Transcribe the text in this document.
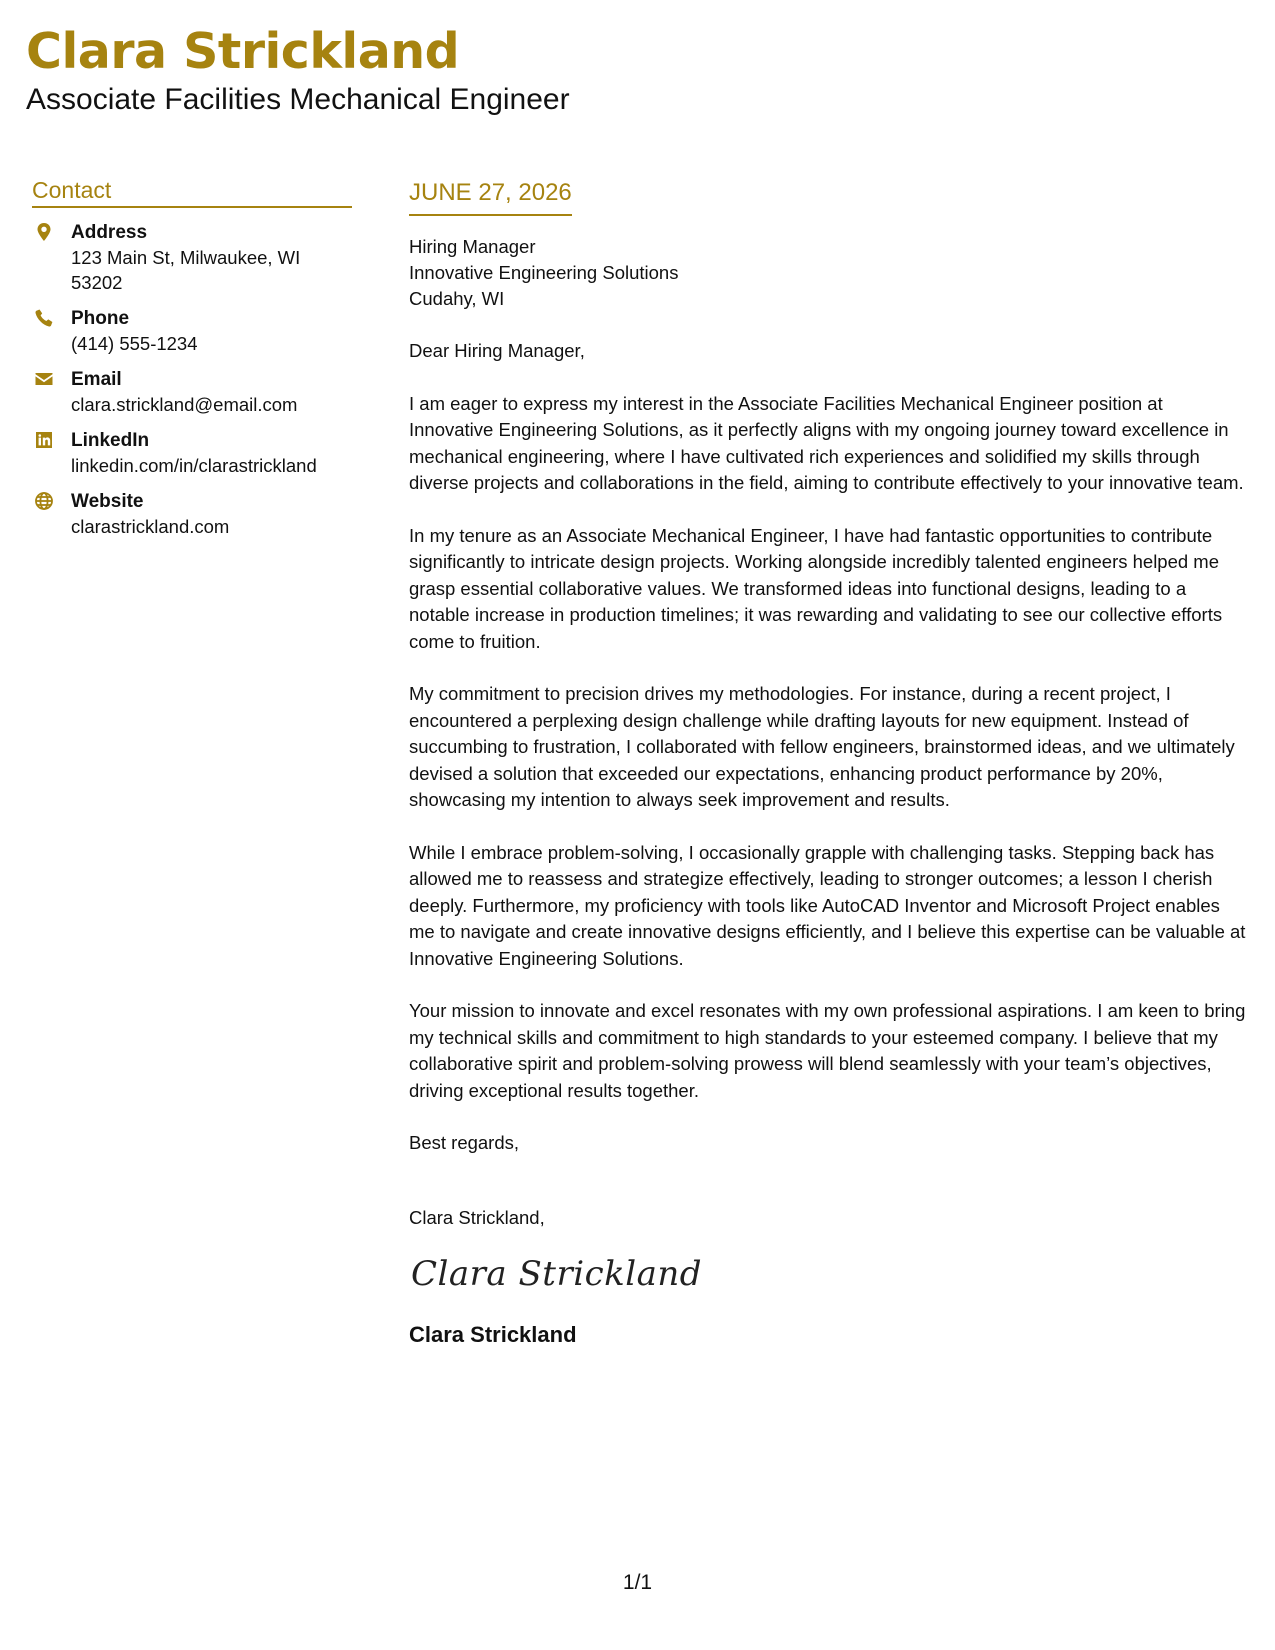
Clara Strickland
Associate Facilities Mechanical Engineer
Contact
Address
123 Main St, Milwaukee, WI 53202
Phone
(414) 555-1234
Email
clara.strickland@email.com
LinkedIn
linkedin.com/in/clarastrickland
Website
clarastrickland.com
JUNE 27, 2026
Hiring Manager
Innovative Engineering Solutions
Cudahy, WI

Dear Hiring Manager,

I am eager to express my interest in the Associate Facilities Mechanical Engineer position at Innovative Engineering Solutions, as it perfectly aligns with my ongoing journey toward excellence in mechanical engineering, where I have cultivated rich experiences and solidified my skills through diverse projects and collaborations in the field, aiming to contribute effectively to your innovative team.

In my tenure as an Associate Mechanical Engineer, I have had fantastic opportunities to contribute significantly to intricate design projects. Working alongside incredibly talented engineers helped me grasp essential collaborative values. We transformed ideas into functional designs, leading to a notable increase in production timelines; it was rewarding and validating to see our collective efforts come to fruition.

My commitment to precision drives my methodologies. For instance, during a recent project, I encountered a perplexing design challenge while drafting layouts for new equipment. Instead of succumbing to frustration, I collaborated with fellow engineers, brainstormed ideas, and we ultimately devised a solution that exceeded our expectations, enhancing product performance by 20%, showcasing my intention to always seek improvement and results.

While I embrace problem-solving, I occasionally grapple with challenging tasks. Stepping back has allowed me to reassess and strategize effectively, leading to stronger outcomes; a lesson I cherish deeply. Furthermore, my proficiency with tools like AutoCAD Inventor and Microsoft Project enables me to navigate and create innovative designs efficiently, and I believe this expertise can be valuable at Innovative Engineering Solutions.

Your mission to innovate and excel resonates with my own professional aspirations. I am keen to bring my technical skills and commitment to high standards to your esteemed company. I believe that my collaborative spirit and problem-solving prowess will blend seamlessly with your team’s objectives, driving exceptional results together.

Best regards,

Clara Strickland,
Clara Strickland
Clara Strickland
1/1
